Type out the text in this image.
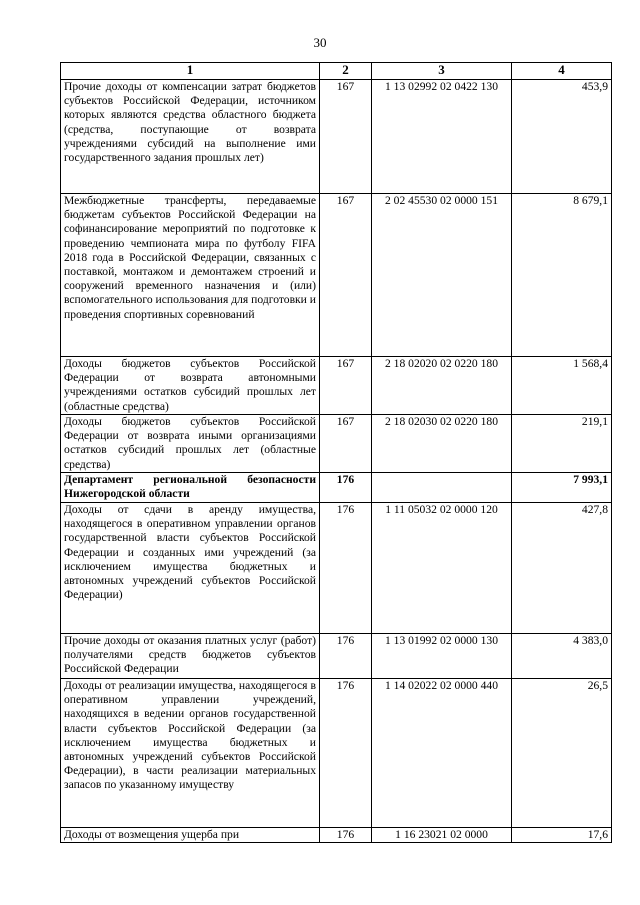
30
1	2	3	4
Прочие доходы от компенсации затрат бюджетов субъектов Российской Федерации, источником которых являются средства областного бюджета (средства, поступающие от возврата учреждениями субсидий на выполнение ими государственного задания прошлых лет)	167	1 13 02992 02 0422 130	453,9
Межбюджетные трансферты, передаваемые бюджетам субъектов Российской Федерации на софинансирование мероприятий по подготовке к проведению чемпионата мира по футболу FIFA 2018 года в Российской Федерации, связанных с поставкой, монтажом и демонтажем строений и сооружений временного назначения и (или) вспомогательного использования для подготовки и проведения спортивных соревнований	167	2 02 45530 02 0000 151	8 679,1
Доходы бюджетов субъектов Российской Федерации от возврата автономными учреждениями остатков субсидий прошлых лет (областные средства)	167	2 18 02020 02 0220 180	1 568,4
Доходы бюджетов субъектов Российской Федерации от возврата иными организациями остатков субсидий прошлых лет (областные средства)	167	2 18 02030 02 0220 180	219,1
Департамент региональной безопасности Нижегородской области	176		7 993,1
Доходы от сдачи в аренду имущества, находящегося в оперативном управлении органов государственной власти субъектов Российской Федерации и созданных ими учреждений (за исключением имущества бюджетных и автономных учреждений субъектов Российской Федерации)	176	1 11 05032 02 0000 120	427,8
Прочие доходы от оказания платных услуг (работ) получателями средств бюджетов субъектов Российской Федерации	176	1 13 01992 02 0000 130	4 383,0
Доходы от реализации имущества, находящегося в оперативном управлении учреждений, находящихся в ведении органов государственной власти субъектов Российской Федерации (за исключением имущества бюджетных и автономных учреждений субъектов Российской Федерации), в части реализации материальных запасов по указанному имуществу	176	1 14 02022 02 0000 440	26,5
Доходы от возмещения ущерба при	176	1 16 23021 02 0000	17,6
